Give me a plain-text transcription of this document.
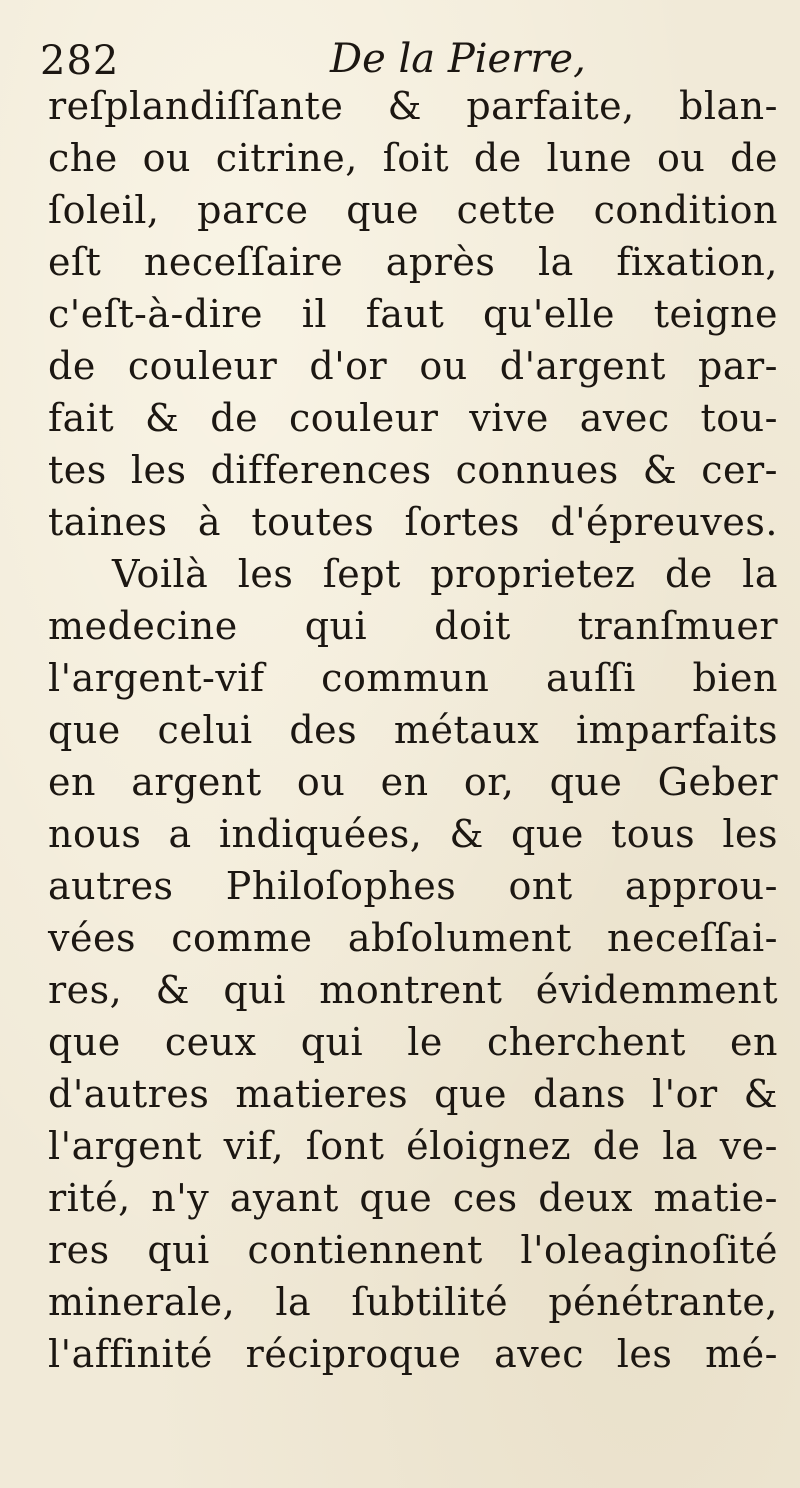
282	De la Pierre,
reſplandiſſante & parfaite, blan-
che ou citrine, ſoit de lune ou de
ſoleil, parce que cette condition
eſt neceſſaire après la fixation,
c'eſt-à-dire il faut qu'elle teigne
de couleur d'or ou d'argent par-
fait & de couleur vive avec tou-
tes les differences connues & cer-
taines à toutes ſortes d'épreuves.
Voilà les ſept proprietez de la
medecine qui doit tranſmuer
l'argent-vif commun auſſi bien
que celui des métaux imparfaits
en argent ou en or, que Geber
nous a indiquées, & que tous les
autres Philoſophes ont approu-
vées comme abſolument neceſſai-
res, & qui montrent évidemment
que ceux qui le cherchent en
d'autres matieres que dans l'or &
l'argent vif, ſont éloignez de la ve-
rité, n'y ayant que ces deux matie-
res qui contiennent l'oleaginoſité
minerale, la ſubtilité pénétrante,
l'affinité réciproque avec les mé-
